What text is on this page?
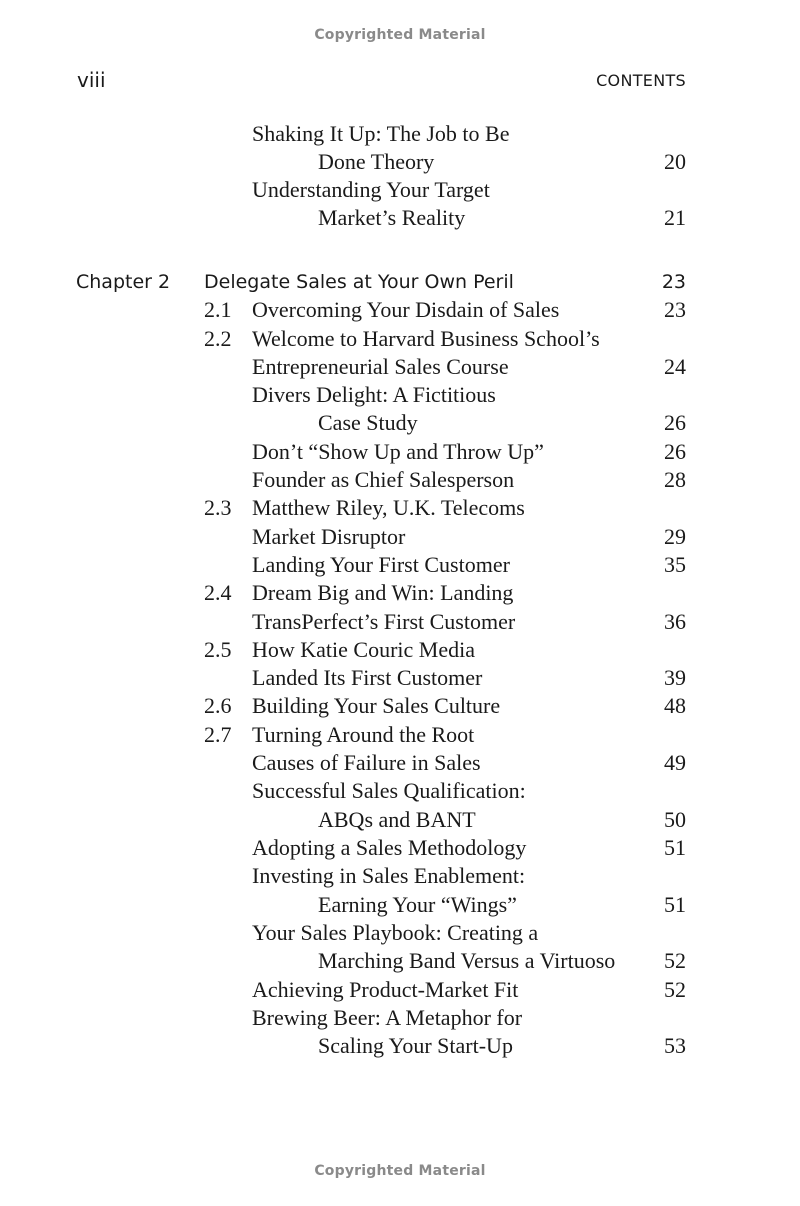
Copyrighted Material
viii	CONTENTS
Shaking It Up: The Job to Be
Done Theory	20
Understanding Your Target
Market’s Reality	21
Chapter 2 Delegate Sales at Your Own Peril	23
2.1 Overcoming Your Disdain of Sales	23
2.2 Welcome to Harvard Business School’s
Entrepreneurial Sales Course	24
Divers Delight: A Fictitious
Case Study	26
Don’t “Show Up and Throw Up”	26
Founder as Chief Salesperson	28
2.3 Matthew Riley, U.K. Telecoms
Market Disruptor	29
Landing Your First Customer	35
2.4 Dream Big and Win: Landing
TransPerfect’s First Customer	36
2.5 How Katie Couric Media
Landed Its First Customer	39
2.6 Building Your Sales Culture	48
2.7 Turning Around the Root
Causes of Failure in Sales	49
Successful Sales Qualification:
ABQs and BANT	50
Adopting a Sales Methodology	51
Investing in Sales Enablement:
Earning Your “Wings”	51
Your Sales Playbook: Creating a
Marching Band Versus a Virtuoso 52
Achieving Product-Market Fit	52
Brewing Beer: A Metaphor for
Scaling Your Start-Up	53
Copyrighted Material
